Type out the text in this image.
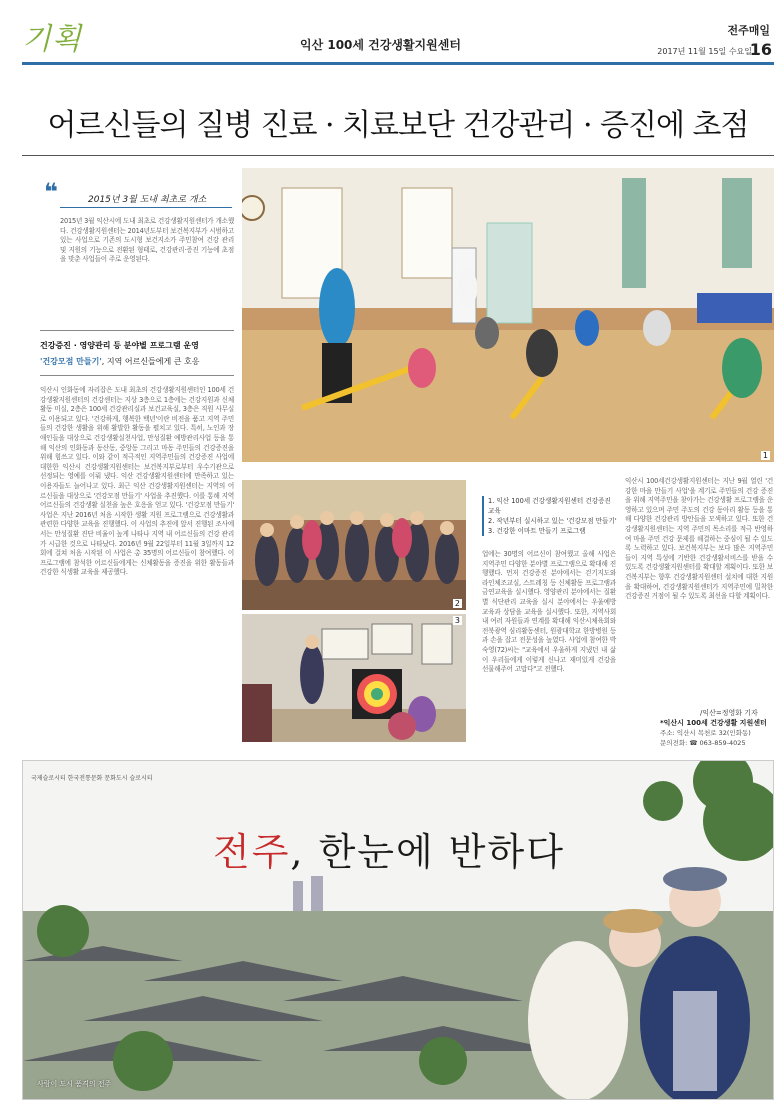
기획	익산 100세 건강생활지원센터
전주매일
2017년 11월 15일 수요일
16
어르신들의 질병 진료 · 치료보단 건강관리 · 증진에 초점
❝	2015년 3월 도내 최초로 개소
2015년 3월 익산시에 도내 최초로 건강생활지원센터가 개소했다. 건강생활지원센터는 2014년도부터 보건복지부가 시범하고 있는 사업으로 기존의 도시형 보건지소가 주민참여 건강 관리 및 지원의 기능으로 전환된 형태로, 건강관리·증진 기능에 초점을 맞춘 사업들이 주로 운영된다.
건강증진 · 영양관리 등 분야별 프로그램 운영
'건강모점 만들기', 지역 어르신들에게 큰 호응
익산시 인화동에 자리잡은 도내 최초의 건강생활지원센터인 100세 건강생활지원센터의 건강센터는 지상 3층으로 1층에는 건강지원과 신체활동 미실, 2층은 100세 건강관리실과 보건교육실, 3층은 직원 사무실로 이용되고 있다. '건강하게, 행복한 백년'이란 비전을 품고 지역 주민들의 건강한 생활을 위해 활발한 활동을 펼치고 있다. 특히, 노인과 장애인들을 대상으로 건강생활실천사업, 만성질환 예방관리사업 등을 통해 익산의 인화동과 동산동, 중앙동 그리고 마동 주민들의 건강증진을 위해 힘쓰고 있다. 이와 같이 적극적인 지역주민들의 건강증진 사업에 대한한 익산시 건강생활지원센터는 보건복지부로부터 우수기관으로 선정되는 영예를 이뤄 냈다. 익산 건강생활지원센터에 만족하고 있는 이용자들도 늘어나고 있다. 최근 익산 건강생활지원센터는 지역의 어르신들을 대상으로 '건강모점 만들기' 사업을 추진했다. 이를 통해 지역 어르신들의 건강생활 실천을 높은 호응을 얻고 있다. '건강모점 만들기' 사업은 지난 2016년 처음 시작한 생활 지원 프로그램으로 건강생활과 관련한 다양한 교육을 진행했다. 이 사업의 추진에 앞서 진행된 조사에서는 만성질환 진단 비율이 높게 나타나 지역 내 어르신들의 건강 관리가 시급한 것으로 나타났다. 2016년 9월 22일부터 11월 3일까지 12회에 걸쳐 처음 시작된 이 사업은 총 35명의 어르신들이 참여했다. 이 프로그램에 참석한 어르신들에게는 신체활동을 증진을 위한 활동들과 건강한 식생활 교육을 제공했다.
업에는 30명의 어르신이 참여했고 올해 사업은 지역주민 다양한 분야별 프로그램으로 확대해 진행했다. 먼저 건강증진 분야에서는 걷기지도와 라인체조교실, 스트레칭 등 신체활동 프로그램과 금연교육을 실시했다. 영양관리 분야에서는 질환별 식단관리 교육을 실시 분야에서는 우울예방 교육과 상담을 교육을 실시했다. 또한, 지역사회 내 여러 자원들과 연계를 확대해 익산시체육회와 전북광역 심리활동센터, 원광대학교 한방병원 등과 손을 잡고 전문성을 높였다. 사업에 참여한 박숙영(72)씨는 "교육에서 우울하게 지냈던 내 삶이 우리들에게 이렇게 신나고 재미있게 건강을 선물해주어 고맙다"고 전했다.
익산시 100세건강생활지원센터는 지난 9월 열린 '건강한 마을 만들기 사업'을 계기로 주민들의 건강 증진을 위해 지역주민을 찾아가는 건강생활 프로그램을 운영하고 있으며 주민 주도의 건강 동아리 활동 등을 통해 다양한 건강관리 방안들을 모색하고 있다. 또한 건강생활지원센터는 지역 주민의 목소리를 적극 반영하여 마을 주민 건강 문제를 해결하는 중심이 될 수 있도록 노력하고 있다. 보건복지부는 보다 많은 지역주민들이 지역 특성에 기반한 건강생활서비스를 받을 수 있도록 건강생활지원센터를 확대할 계획이다. 또한 보건복지부는 향후 건강생활지원센터 설치에 대한 지원을 확대하여, 건강생활지원센터가 지역주민에 밀착한 건강증진 거점이 될 수 있도록 최선을 다할 계획이다.
1
2
3
1. 익산 100세 건강생활지원센터 건강증진 교육
2. 작년부터 실시하고 있는 '건강모점 만들기'
3. 건강한 이마트 만들기 프로그램
/익산=정영화 기자
*익산시 100세 건강생활 지원센터
주소: 익산시 목천로 32(인화동)
문의전화: ☎ 063-859-4025
국제슬로시티 한국전통문화 문화도시 슬로시티
전주, 한눈에 반하다
사람이 도시 품격의 전주
